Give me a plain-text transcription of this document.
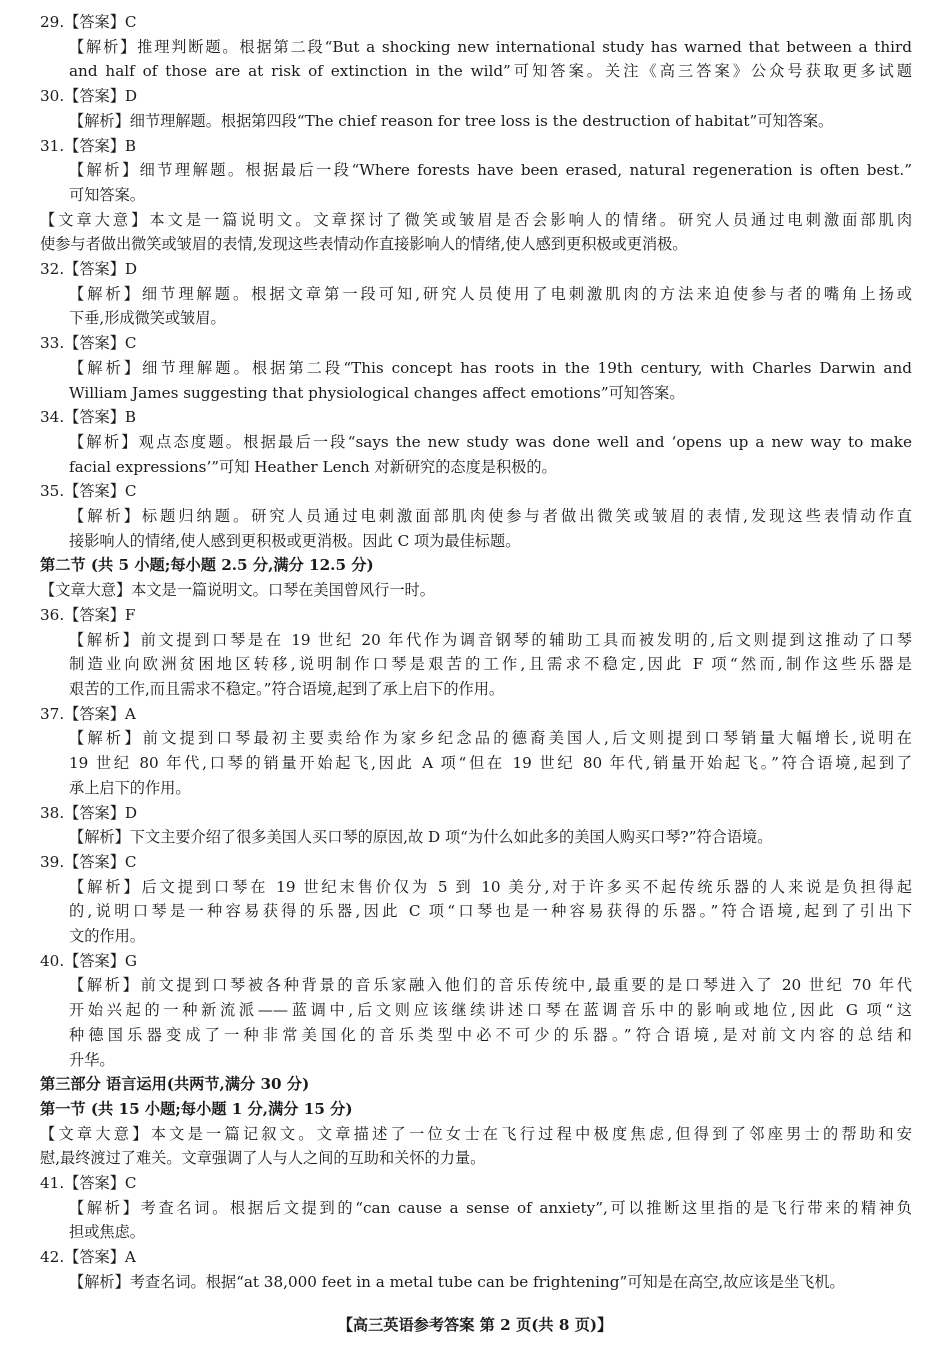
29.【答案】C
【解析】推理判断题。根据第二段“But a shocking new international study has warned that between a third
and half of those are at risk of extinction in the wild”可知答案。关注《高三答案》公众号获取更多试题
30.【答案】D
【解析】细节理解题。根据第四段“The chief reason for tree loss is the destruction of habitat”可知答案。
31.【答案】B
【解析】细节理解题。根据最后一段“Where forests have been erased, natural regeneration is often best.”
可知答案。
【文章大意】本文是一篇说明文。文章探讨了微笑或皱眉是否会影响人的情绪。研究人员通过电刺激面部肌肉
使参与者做出微笑或皱眉的表情,发现这些表情动作直接影响人的情绪,使人感到更积极或更消极。
32.【答案】D
【解析】细节理解题。根据文章第一段可知,研究人员使用了电刺激肌肉的方法来迫使参与者的嘴角上扬或
下垂,形成微笑或皱眉。
33.【答案】C
【解析】细节理解题。根据第二段“This concept has roots in the 19th century, with Charles Darwin and
William James suggesting that physiological changes affect emotions”可知答案。
34.【答案】B
【解析】观点态度题。根据最后一段“says the new study was done well and ‘opens up a new way to make
facial expressions’”可知 Heather Lench 对新研究的态度是积极的。
35.【答案】C
【解析】标题归纳题。研究人员通过电刺激面部肌肉使参与者做出微笑或皱眉的表情,发现这些表情动作直
接影响人的情绪,使人感到更积极或更消极。因此 C 项为最佳标题。
第二节 (共 5 小题;每小题 2.5 分,满分 12.5 分)
【文章大意】本文是一篇说明文。口琴在美国曾风行一时。
36.【答案】F
【解析】前文提到口琴是在 19 世纪 20 年代作为调音钢琴的辅助工具而被发明的,后文则提到这推动了口琴
制造业向欧洲贫困地区转移,说明制作口琴是艰苦的工作,且需求不稳定,因此 F 项“然而,制作这些乐器是
艰苦的工作,而且需求不稳定。”符合语境,起到了承上启下的作用。
37.【答案】A
【解析】前文提到口琴最初主要卖给作为家乡纪念品的德裔美国人,后文则提到口琴销量大幅增长,说明在
19 世纪 80 年代,口琴的销量开始起飞,因此 A 项“但在 19 世纪 80 年代,销量开始起飞。”符合语境,起到了
承上启下的作用。
38.【答案】D
【解析】下文主要介绍了很多美国人买口琴的原因,故 D 项“为什么如此多的美国人购买口琴?”符合语境。
39.【答案】C
【解析】后文提到口琴在 19 世纪末售价仅为 5 到 10 美分,对于许多买不起传统乐器的人来说是负担得起
的,说明口琴是一种容易获得的乐器,因此 C 项“口琴也是一种容易获得的乐器。”符合语境,起到了引出下
文的作用。
40.【答案】G
【解析】前文提到口琴被各种背景的音乐家融入他们的音乐传统中,最重要的是口琴进入了 20 世纪 70 年代
开始兴起的一种新流派——蓝调中,后文则应该继续讲述口琴在蓝调音乐中的影响或地位,因此 G 项“这
种德国乐器变成了一种非常美国化的音乐类型中必不可少的乐器。”符合语境,是对前文内容的总结和
升华。
第三部分 语言运用(共两节,满分 30 分)
第一节 (共 15 小题;每小题 1 分,满分 15 分)
【文章大意】本文是一篇记叙文。文章描述了一位女士在飞行过程中极度焦虑,但得到了邻座男士的帮助和安
慰,最终渡过了难关。文章强调了人与人之间的互助和关怀的力量。
41.【答案】C
【解析】考查名词。根据后文提到的“can cause a sense of anxiety”,可以推断这里指的是飞行带来的精神负
担或焦虑。
42.【答案】A
【解析】考查名词。根据“at 38,000 feet in a metal tube can be frightening”可知是在高空,故应该是坐飞机。
【高三英语参考答案 第 2 页(共 8 页)】
